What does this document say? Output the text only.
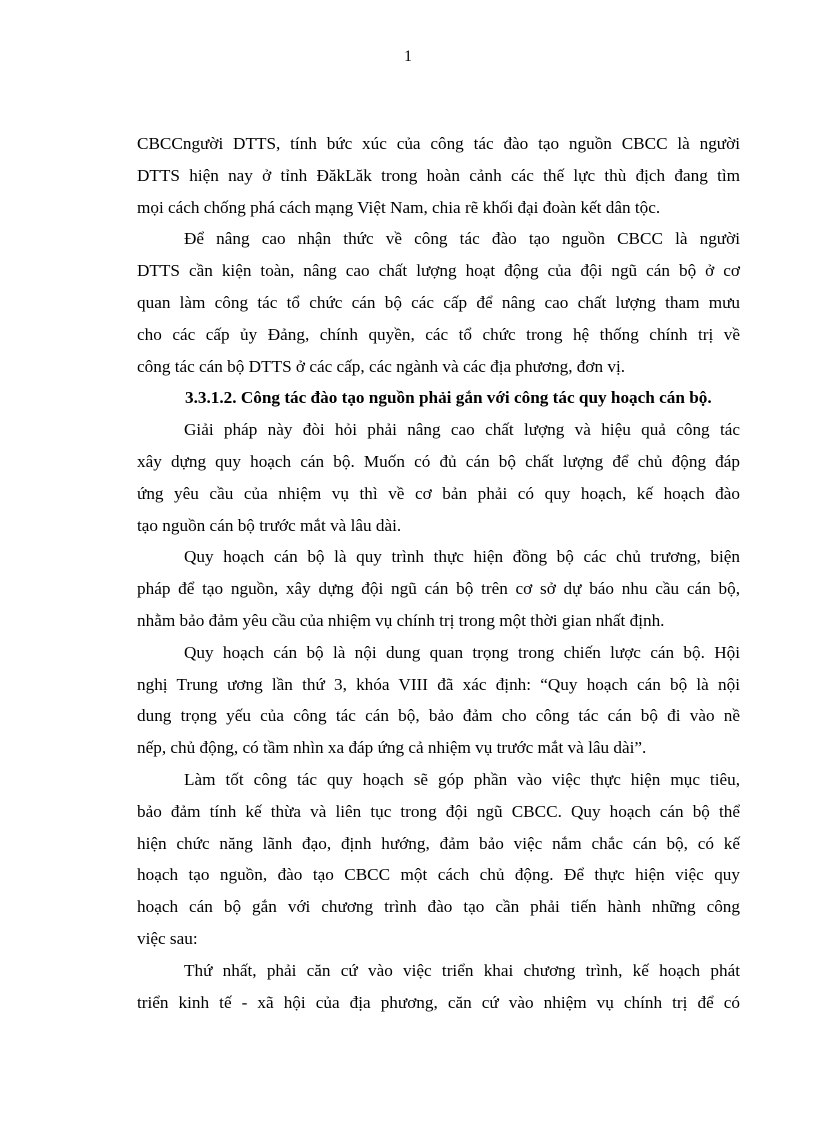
1
CBCCngười DTTS, tính bức xúc của công tác đào tạo nguồn CBCC là người
DTTS hiện nay ở tỉnh ĐăkLăk trong hoàn cảnh các thế lực thù địch đang tìm
mọi cách chống phá cách mạng Việt Nam, chia rẽ khối đại đoàn kết dân tộc.
Để nâng cao nhận thức về công tác đào tạo nguồn CBCC là người
DTTS cần kiện toàn, nâng cao chất lượng hoạt động của đội ngũ cán bộ ở cơ
quan làm công tác tổ chức cán bộ các cấp để nâng cao chất lượng tham mưu
cho các cấp ủy Đảng, chính quyền, các tổ chức trong hệ thống chính trị về
công tác cán bộ DTTS ở các cấp, các ngành và các địa phương, đơn vị.
3.3.1.2. Công tác đào tạo nguồn phải gắn với công tác quy hoạch cán bộ.
Giải pháp này đòi hỏi phải nâng cao chất lượng và hiệu quả công tác
xây dựng quy hoạch cán bộ. Muốn có đủ cán bộ chất lượng để chủ động đáp
ứng yêu cầu của nhiệm vụ thì về cơ bản phải có quy hoạch, kế hoạch đào
tạo nguồn cán bộ trước mắt và lâu dài.
Quy hoạch cán bộ là quy trình thực hiện đồng bộ các chủ trương, biện
pháp để tạo nguồn, xây dựng đội ngũ cán bộ trên cơ sở dự báo nhu cầu cán bộ,
nhằm bảo đảm yêu cầu của nhiệm vụ chính trị trong một thời gian nhất định.
Quy hoạch cán bộ là nội dung quan trọng trong chiến lược cán bộ. Hội
nghị Trung ương lần thứ 3, khóa VIII đã xác định: “Quy hoạch cán bộ là nội
dung trọng yếu của công tác cán bộ, bảo đảm cho công tác cán bộ đi vào nề
nếp, chủ động, có tầm nhìn xa đáp ứng cả nhiệm vụ trước mắt và lâu dài”.
Làm tốt công tác quy hoạch sẽ góp phần vào việc thực hiện mục tiêu,
bảo đảm tính kế thừa và liên tục trong đội ngũ CBCC. Quy hoạch cán bộ thể
hiện chức năng lãnh đạo, định hướng, đảm bảo việc nắm chắc cán bộ, có kế
hoạch tạo nguồn, đào tạo CBCC một cách chủ động. Để thực hiện việc quy
hoạch cán bộ gắn với chương trình đào tạo cần phải tiến hành những công
việc sau:
Thứ nhất, phải căn cứ vào việc triển khai chương trình, kế hoạch phát
triển kinh tế - xã hội của địa phương, căn cứ vào nhiệm vụ chính trị để có
